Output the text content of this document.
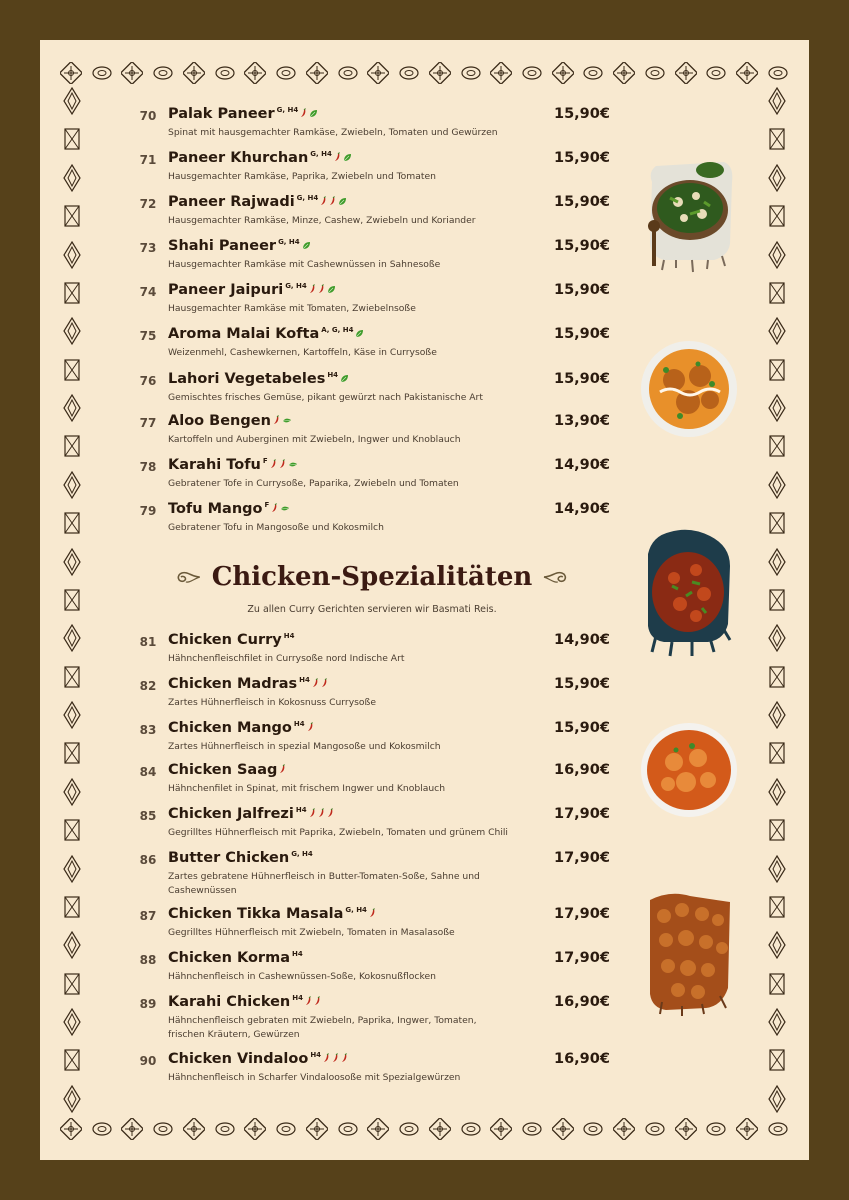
70 Palak Paneer $^{G, H4}$
Spinat mit hausgemachter Ramkäse, Zwiebeln, Tomaten und Gewürzen
15,90€
71 Paneer Khurchan $^{G, H4}$
Hausgemachter Ramkäse, Paprika, Zwiebeln und Tomaten
15,90€
72 Paneer Rajwadi $^{G, H4}$
Hausgemachter Ramkäse, Minze, Cashew, Zwiebeln und Koriander
15,90€
73 Shahi Paneer $^{G, H4}$
Hausgemachter Ramkäse mit Cashewnüssen in Sahnesoße
15,90€
74 Paneer Jaipuri $^{G, H4}$
Hausgemachter Ramkäse mit Tomaten, Zwiebelnsoße
15,90€
75 Aroma Malai Kofta $^{A, G, H4}$
Weizenmehl, Cashewkernen, Kartoffeln, Käse in Currysoße
15,90€
76 Lahori Vegetabeles $^{H4}$
Gemischtes frisches Gemüse, pikant gewürzt nach Pakistanische Art
15,90€
77 Aloo Bengen
Kartoffeln und Auberginen mit Zwiebeln, Ingwer und Knoblauch
13,90€
78 Karahi Tofu $^F$
Gebratener Tofe in Currysoße, Paparika, Zwiebeln und Tomaten
14,90€
79 Tofu Mango $^F$
Gebratener Tofu in Mangosoße und Kokosmilch
14,90€
81 Chicken Curry $^{H4}$
Hähnchenfleischfilet in Currysoße nord Indische Art
14,90€
82 Chicken Madras $^{H4}$
Zartes Hühnerfleisch in Kokosnuss Currysoße
15,90€
83 Chicken Mango $^{H4}$
Zartes Hühnerfleisch in spezial Mangosoße und Kokosmilch
15,90€
84 Chicken Saag
Hähnchenfilet in Spinat, mit frischem Ingwer und Knoblauch
16,90€
85 Chicken Jalfrezi $^{H4}$
Gegrilltes Hühnerfleisch mit Paprika, Zwiebeln, Tomaten und grünem Chili
17,90€
86 Butter Chicken $^{G, H4}$
Zartes gebratene Hühnerfleisch in Butter-Tomaten-Soße, Sahne und Cashewnüssen
17,90€
87 Chicken Tikka Masala $^{G, H4}$
Gegrilltes Hühnerfleisch mit Zwiebeln, Tomaten in Masalasoße
17,90€
88 Chicken Korma $^{H4}$
Hähnchenfleisch in Cashewnüssen-Soße, Kokosnußflocken
17,90€
89 Karahi Chicken $^{H4}$
Hähnchenfleisch gebraten mit Zwiebeln, Paprika, Ingwer, Tomaten, frischen Kräutern, Gewürzen
16,90€
90 Chicken Vindaloo $^{H4}$
Hähnchenfleisch in Scharfer Vindaloosoße mit Spezialgewürzen
16,90€
Chicken-Spezialitäten
Zu allen Curry Gerichten servieren wir Basmati Reis.
